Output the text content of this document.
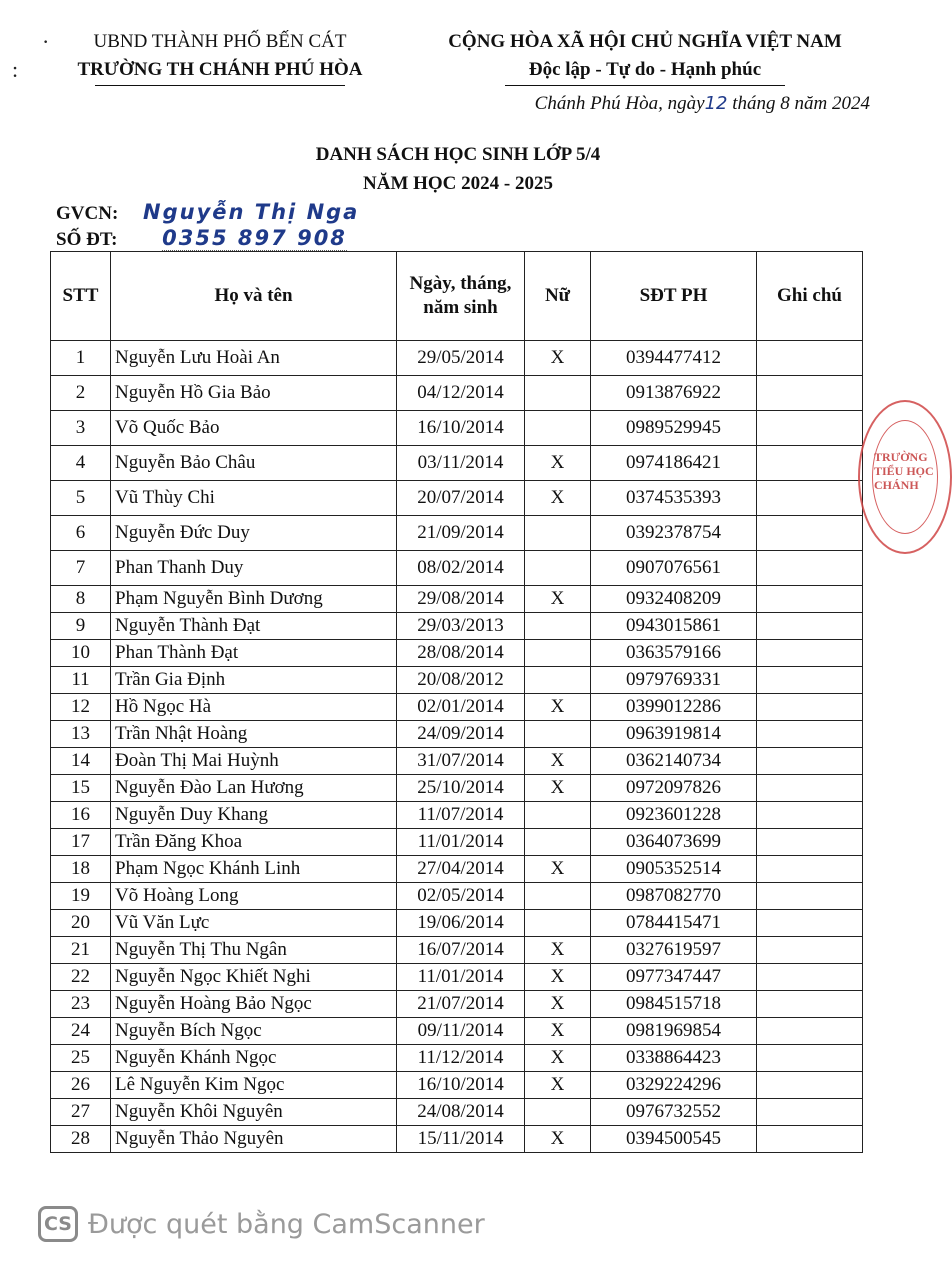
·
:
UBND THÀNH PHỐ BẾN CÁT
TRƯỜNG TH CHÁNH PHÚ HÒA
CỘNG HÒA XÃ HỘI CHỦ NGHĨA VIỆT NAM
Độc lập - Tự do - Hạnh phúc
Chánh Phú Hòa, ngày12 tháng 8 năm 2024
DANH SÁCH HỌC SINH LỚP 5/4
NĂM HỌC 2024 - 2025
GVCN: Nguyễn Thị Nga
SỐ ĐT: 0355 897 908
STT	Họ và tên	Ngày, tháng, năm sinh	Nữ	SĐT PH	Ghi chú
1	Nguyễn Lưu Hoài An	29/05/2014	X	0394477412	
2	Nguyễn Hồ Gia Bảo	04/12/2014		0913876922	
3	Võ Quốc Bảo	16/10/2014		0989529945	
4	Nguyễn Bảo Châu	03/11/2014	X	0974186421	
5	Vũ Thùy Chi	20/07/2014	X	0374535393	
6	Nguyễn Đức Duy	21/09/2014		0392378754	
7	Phan Thanh Duy	08/02/2014		0907076561	
8	Phạm Nguyễn Bình Dương	29/08/2014	X	0932408209	
9	Nguyễn Thành Đạt	29/03/2013		0943015861	
10	Phan Thành Đạt	28/08/2014		0363579166	
11	Trần Gia Định	20/08/2012		0979769331	
12	Hồ Ngọc Hà	02/01/2014	X	0399012286	
13	Trần Nhật Hoàng	24/09/2014		0963919814	
14	Đoàn Thị Mai Huỳnh	31/07/2014	X	0362140734	
15	Nguyễn Đào Lan Hương	25/10/2014	X	0972097826	
16	Nguyễn Duy Khang	11/07/2014		0923601228	
17	Trần Đăng Khoa	11/01/2014		0364073699	
18	Phạm Ngọc Khánh Linh	27/04/2014	X	0905352514	
19	Võ Hoàng Long	02/05/2014		0987082770	
20	Vũ Văn Lực	19/06/2014		0784415471	
21	Nguyễn Thị Thu Ngân	16/07/2014	X	0327619597	
22	Nguyễn Ngọc Khiết Nghi	11/01/2014	X	0977347447	
23	Nguyễn Hoàng Bảo Ngọc	21/07/2014	X	0984515718	
24	Nguyễn Bích Ngọc	09/11/2014	X	0981969854	
25	Nguyễn Khánh Ngọc	11/12/2014	X	0338864423	
26	Lê Nguyễn Kim Ngọc	16/10/2014	X	0329224296	
27	Nguyễn Khôi Nguyên	24/08/2014		0976732552	
28	Nguyễn Thảo Nguyên	15/11/2014	X	0394500545	
TRƯỜNG TIỂU HỌC CHÁNH
CS Được quét bằng CamScanner
